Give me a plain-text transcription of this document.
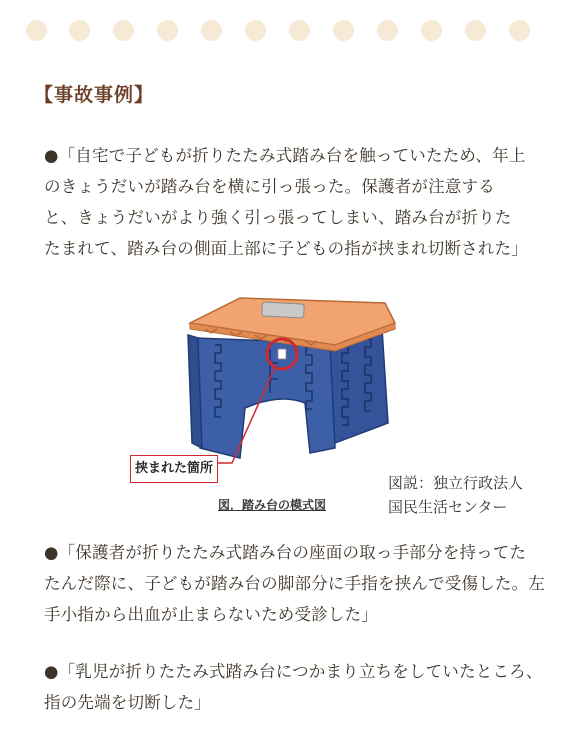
【事故事例】
●「自宅で子どもが折りたたみ式踏み台を触っていたため、年上
のきょうだいが踏み台を横に引っ張った。保護者が注意する
と、きょうだいがより強く引っ張ってしまい、踏み台が折りた
たまれて、踏み台の側面上部に子どもの指が挟まれ切断された」
挟まれた箇所
図．踏み台の模式図
図説：独立行政法人
国民生活センター
●「保護者が折りたたみ式踏み台の座面の取っ手部分を持ってた
たんだ際に、子どもが踏み台の脚部分に手指を挟んで受傷した。左
手小指から出血が止まらないため受診した」
●「乳児が折りたたみ式踏み台につかまり立ちをしていたところ、
指の先端を切断した」
